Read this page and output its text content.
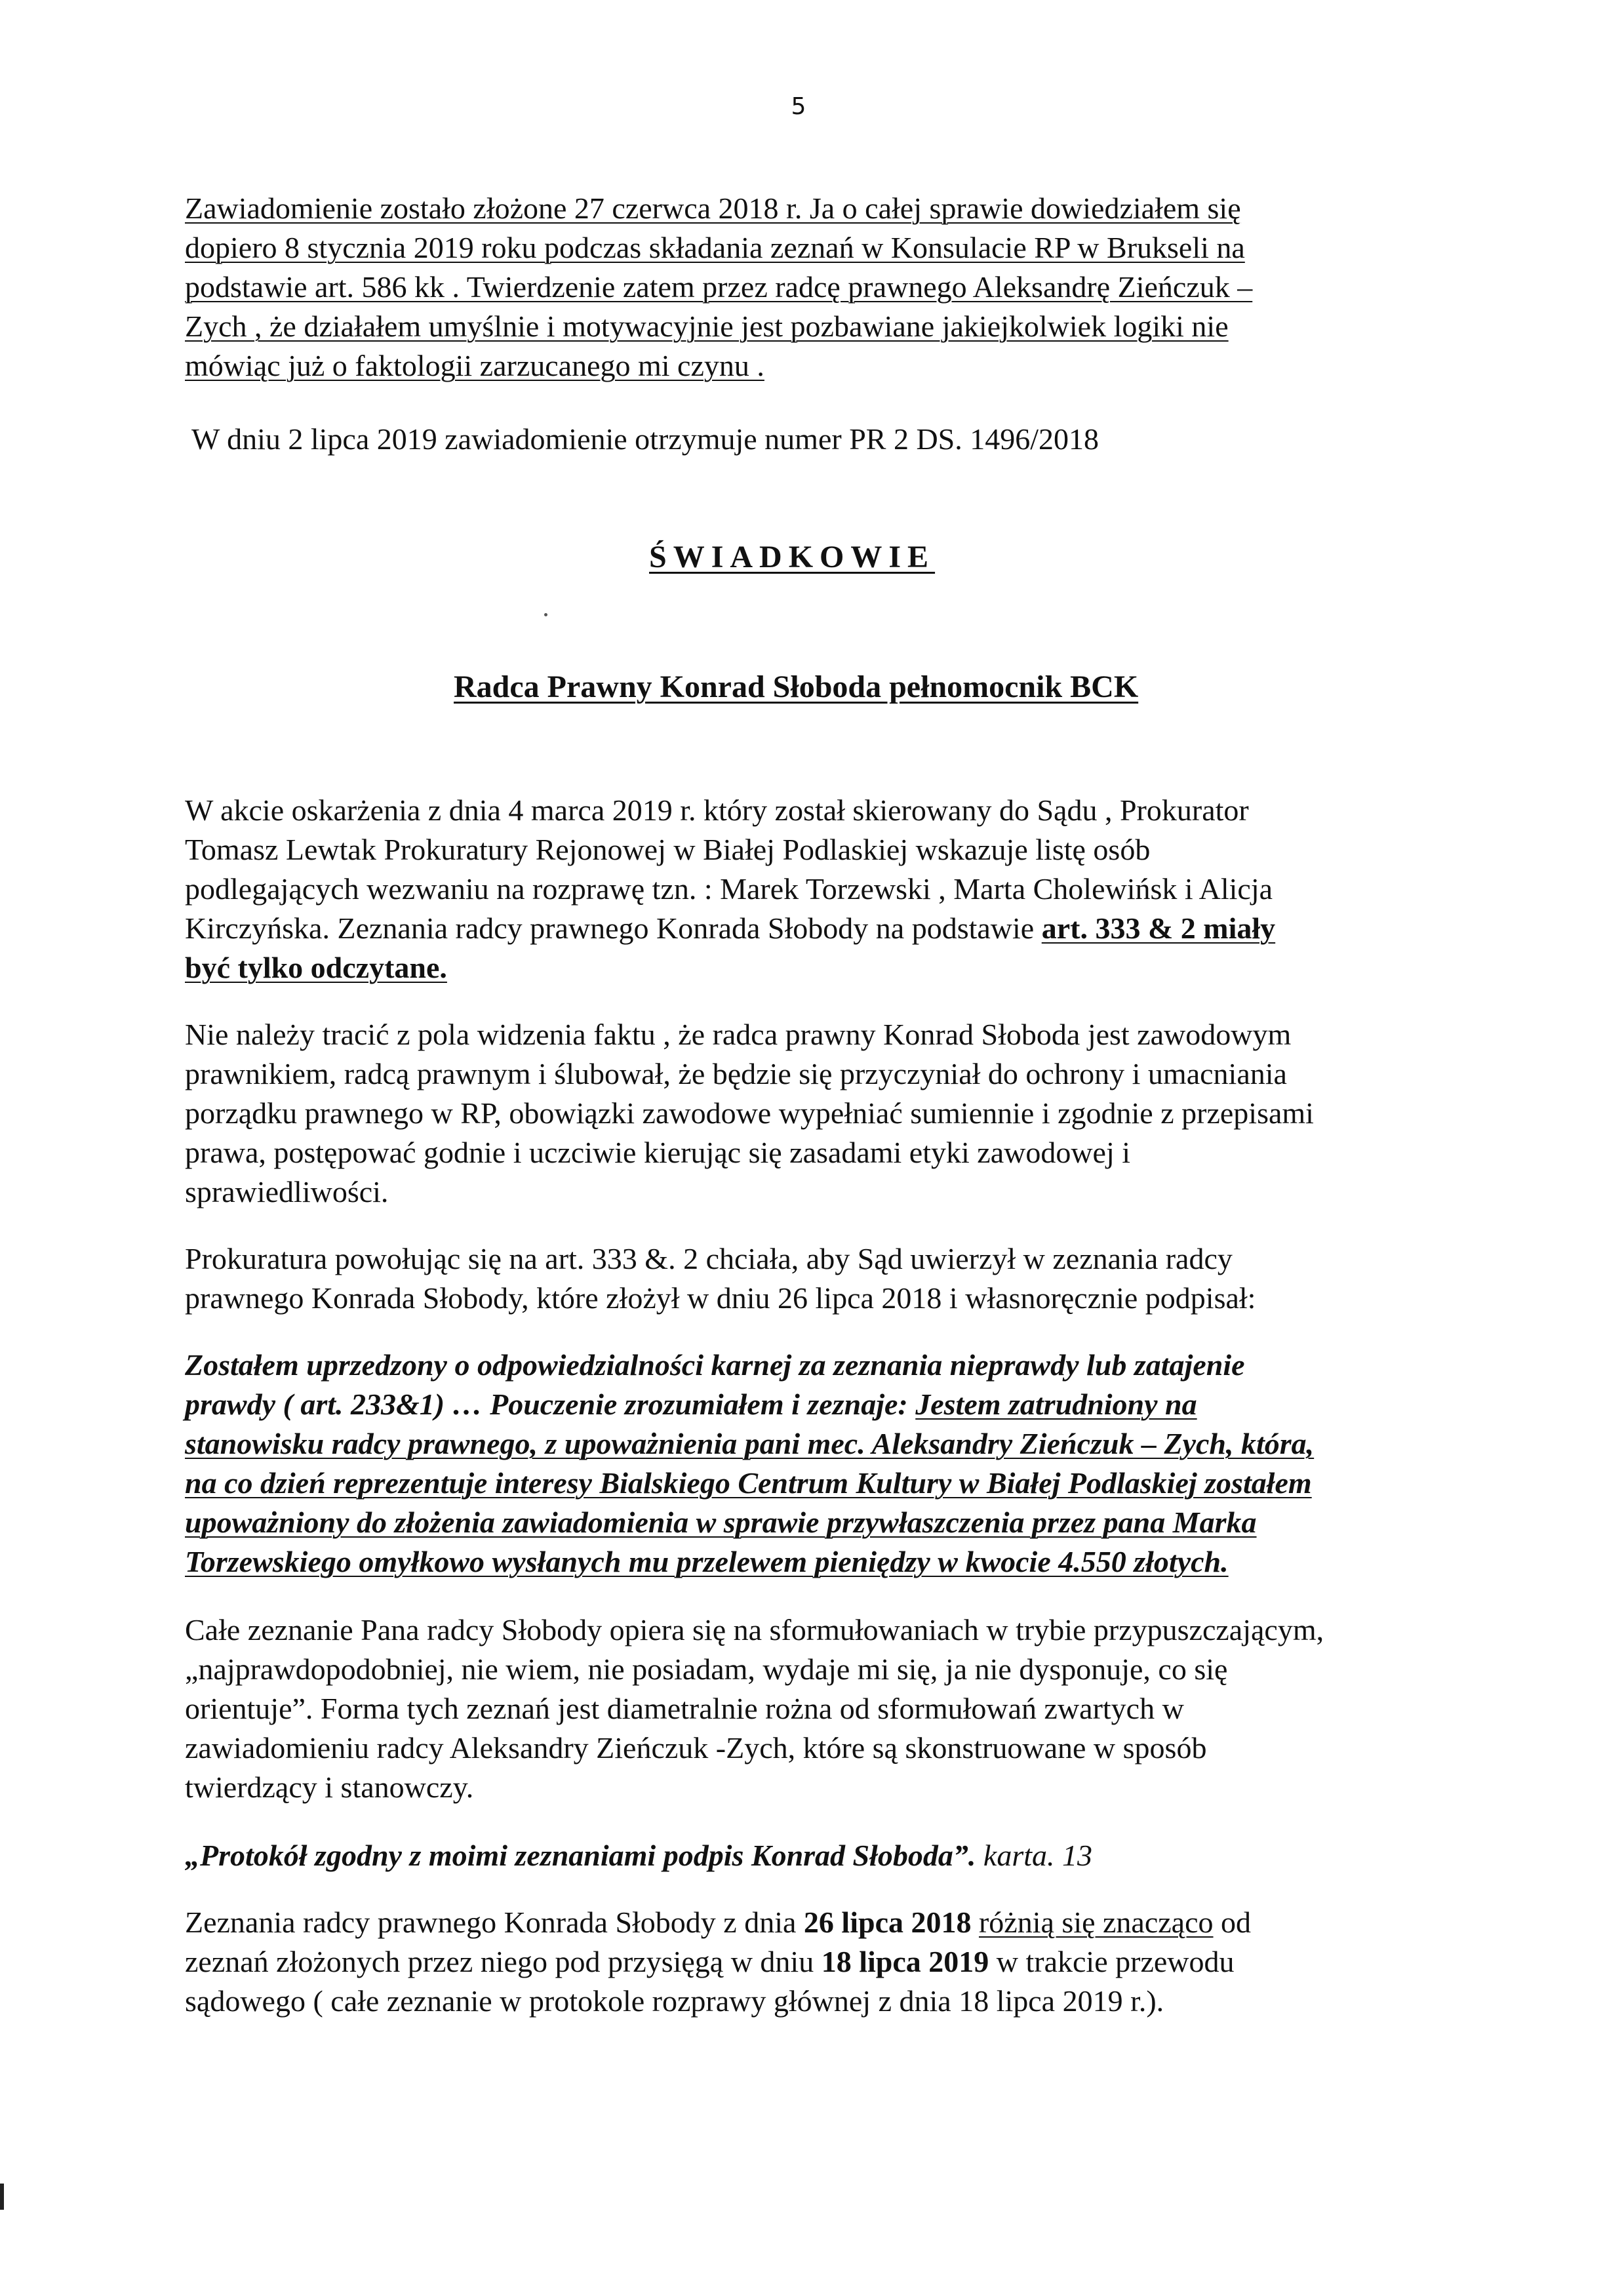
5
Zawiadomienie zostało złożone 27 czerwca 2018 r. Ja o całej sprawie dowiedziałem się
dopiero 8 stycznia 2019 roku podczas składania zeznań w Konsulacie RP w Brukseli na
podstawie art. 586 kk . Twierdzenie zatem przez radcę prawnego Aleksandrę Zieńczuk –
Zych , że działałem umyślnie i motywacyjnie jest pozbawiane jakiejkolwiek logiki nie
mówiąc już o faktologii zarzucanego mi czynu .
W dniu 2 lipca 2019 zawiadomienie otrzymuje numer PR 2 DS. 1496/2018
ŚWIADKOWIE
Radca Prawny Konrad Słoboda pełnomocnik BCK
W akcie oskarżenia z dnia 4 marca 2019 r. który został skierowany do Sądu , Prokurator
Tomasz Lewtak Prokuratury Rejonowej w Białej Podlaskiej wskazuje listę osób
podlegających wezwaniu na rozprawę tzn. : Marek Torzewski , Marta Cholewińsk i Alicja
Kirczyńska. Zeznania radcy prawnego Konrada Słobody na podstawie art. 333 & 2 miały
być tylko odczytane.
Nie należy tracić z pola widzenia faktu , że radca prawny Konrad Słoboda jest zawodowym
prawnikiem, radcą prawnym i ślubował, że będzie się przyczyniał do ochrony i umacniania
porządku prawnego w RP, obowiązki zawodowe wypełniać sumiennie i zgodnie z przepisami
prawa, postępować godnie i uczciwie kierując się zasadami etyki zawodowej i
sprawiedliwości.
Prokuratura powołując się na art. 333 &. 2 chciała, aby Sąd uwierzył w zeznania radcy
prawnego Konrada Słobody, które złożył w dniu 26 lipca 2018 i własnoręcznie podpisał:
Zostałem uprzedzony o odpowiedzialności karnej za zeznania nieprawdy lub zatajenie
prawdy ( art. 233&1) … Pouczenie zrozumiałem i zeznaje: Jestem zatrudniony na
stanowisku radcy prawnego, z upoważnienia pani mec. Aleksandry Zieńczuk – Zych, która,
na co dzień reprezentuje interesy Bialskiego Centrum Kultury w Białej Podlaskiej zostałem
upoważniony do złożenia zawiadomienia w sprawie przywłaszczenia przez pana Marka
Torzewskiego omyłkowo wysłanych mu przelewem pieniędzy w kwocie 4.550 złotych.
Całe zeznanie Pana radcy Słobody opiera się na sformułowaniach w trybie przypuszczającym,
„najprawdopodobniej, nie wiem, nie posiadam, wydaje mi się, ja nie dysponuje, co się
orientuje”. Forma tych zeznań jest diametralnie rożna od sformułowań zwartych w
zawiadomieniu radcy Aleksandry Zieńczuk -Zych, które są skonstruowane w sposób
twierdzący i stanowczy.
„Protokół zgodny z moimi zeznaniami podpis Konrad Słoboda”. karta. 13
Zeznania radcy prawnego Konrada Słobody z dnia 26 lipca 2018 różnią się znacząco od
zeznań złożonych przez niego pod przysięgą w dniu 18 lipca 2019 w trakcie przewodu
sądowego ( całe zeznanie w protokole rozprawy głównej z dnia 18 lipca 2019 r.).
